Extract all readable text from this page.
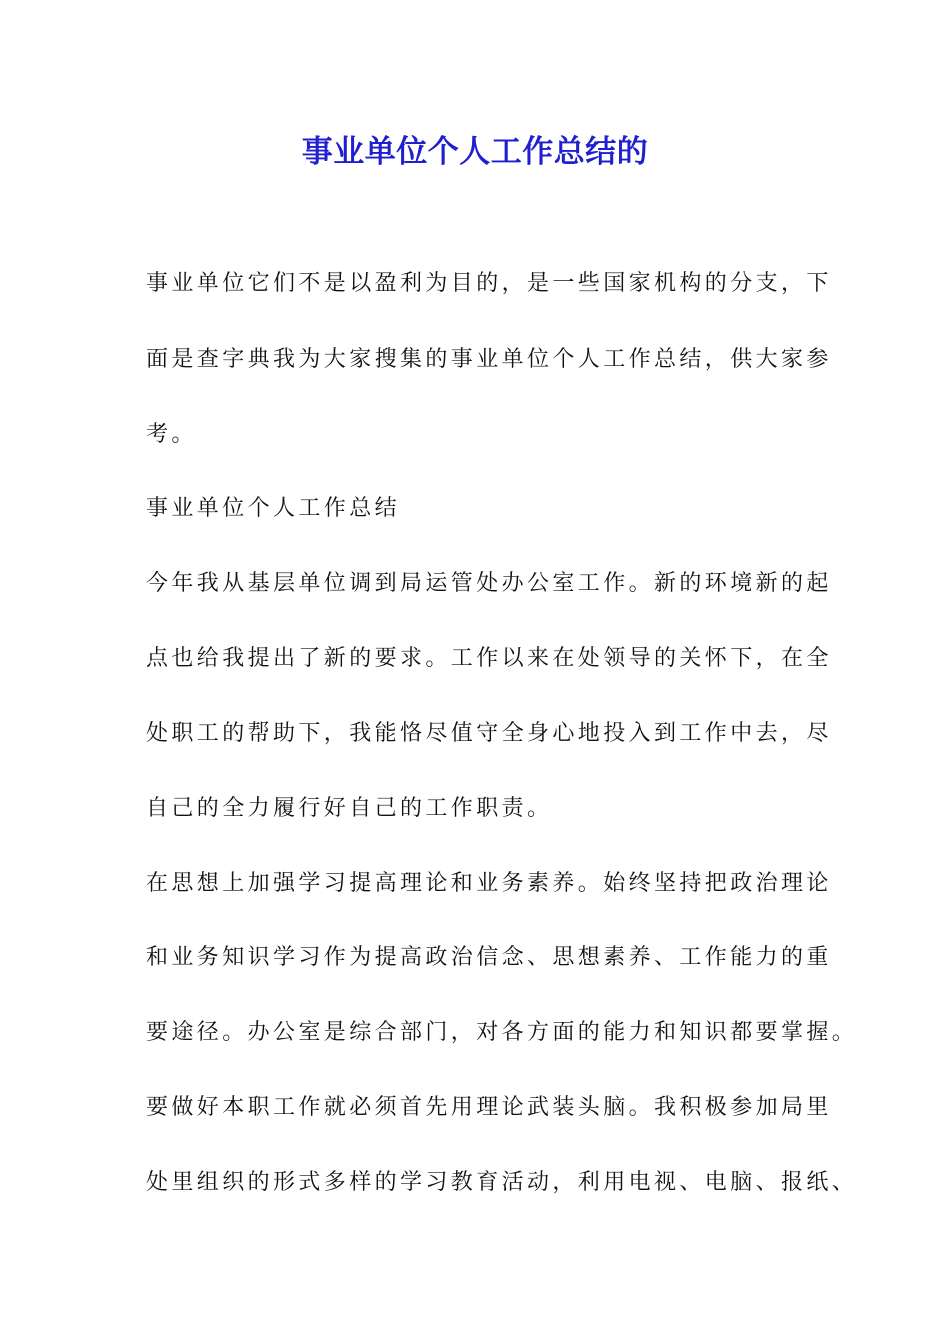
事业单位个人工作总结的
事业单位它们不是以盈利为目的，是一些国家机构的分支，下
面是查字典我为大家搜集的事业单位个人工作总结，供大家参
考。
事业单位个人工作总结
今年我从基层单位调到局运管处办公室工作。新的环境新的起
点也给我提出了新的要求。工作以来在处领导的关怀下，在全
处职工的帮助下，我能恪尽值守全身心地投入到工作中去，尽
自己的全力履行好自己的工作职责。
在思想上加强学习提高理论和业务素养。始终坚持把政治理论
和业务知识学习作为提高政治信念、思想素养、工作能力的重
要途径。办公室是综合部门，对各方面的能力和知识都要掌握。
要做好本职工作就必须首先用理论武装头脑。我积极参加局里
处里组织的形式多样的学习教育活动，利用电视、电脑、报纸、
